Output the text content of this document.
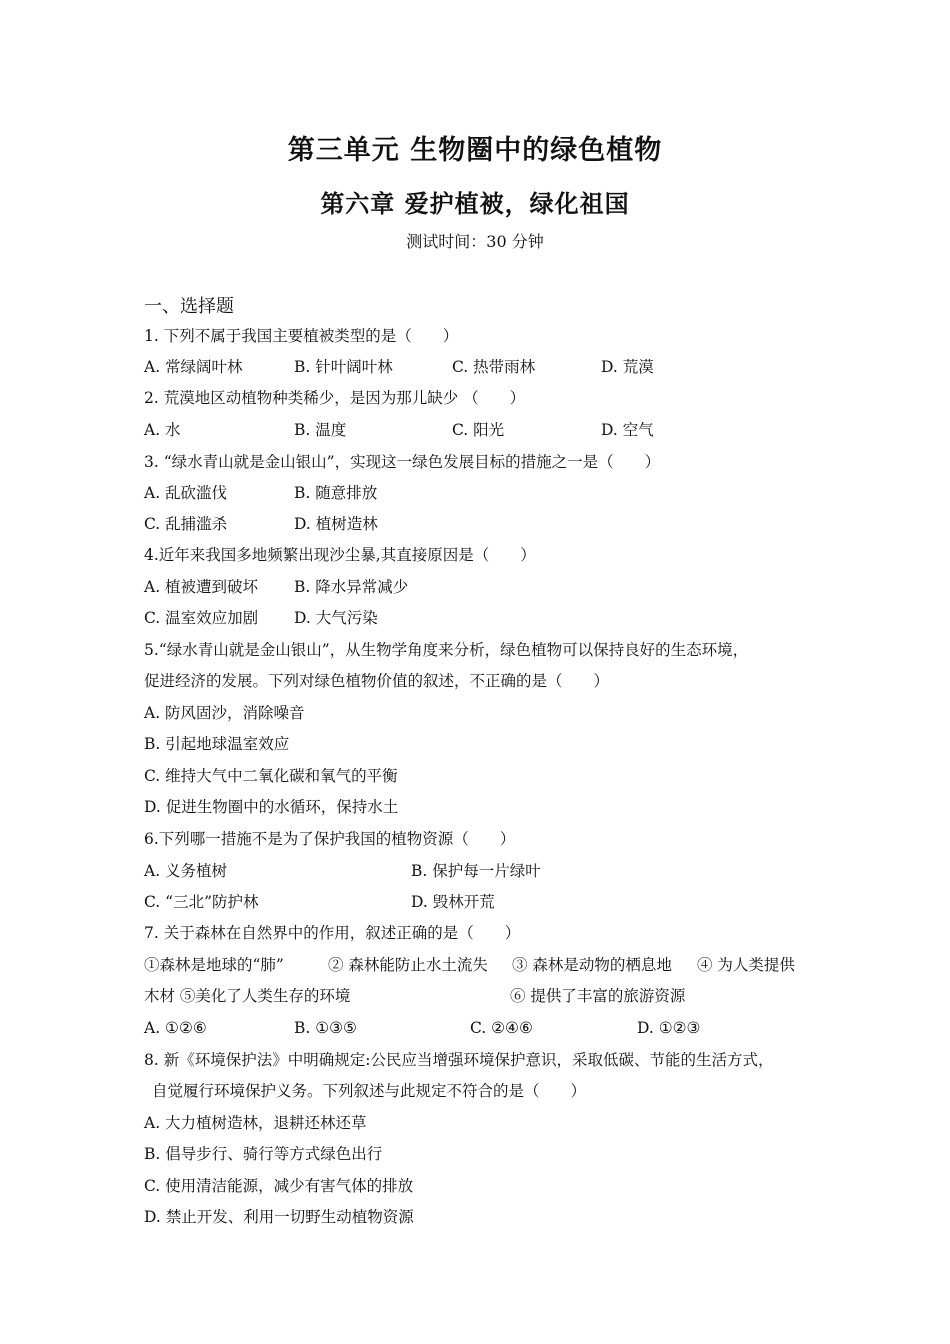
第三单元 生物圈中的绿色植物
第六章 爱护植被，绿化祖国
测试时间：30 分钟
一、选择题
1. 下列不属于我国主要植被类型的是（　　）
A. 常绿阔叶林	B. 针叶阔叶林	C. 热带雨林	D. 荒漠
2. 荒漠地区动植物种类稀少，是因为那儿缺少 （　　）
A. 水	B. 温度	C. 阳光	D. 空气
3. “绿水青山就是金山银山”，实现这一绿色发展目标的措施之一是（　　）
A. 乱砍滥伐	B. 随意排放
C. 乱捕滥杀	D. 植树造林
4.近年来我国多地频繁出现沙尘暴,其直接原因是（　　）
A. 植被遭到破坏 B. 降水异常减少
C. 温室效应加剧 D. 大气污染
5.“绿水青山就是金山银山”，从生物学角度来分析，绿色植物可以保持良好的生态环境，
促进经济的发展。下列对绿色植物价值的叙述，不正确的是（　　）
A. 防风固沙，消除噪音
B. 引起地球温室效应
C. 维持大气中二氧化碳和氧气的平衡
D. 促进生物圈中的水循环，保持水土
6.下列哪一措施不是为了保护我国的植物资源（　　）
A. 义务植树	B. 保护每一片绿叶
C. “三北”防护林	D. 毁林开荒
7. 关于森林在自然界中的作用，叙述正确的是（　　）
①森林是地球的“肺”	② 森林能防止水土流失 ③ 森林是动物的栖息地 ④ 为人类提供
木材 ⑤美化了人类生存的环境	⑥ 提供了丰富的旅游资源
A. ①②⑥	B. ①③⑤	C. ②④⑥	D. ①②③
8. 新《环境保护法》中明确规定:公民应当增强环境保护意识，采取低碳、节能的生活方式，
自觉履行环境保护义务。下列叙述与此规定不符合的是（　　）
A. 大力植树造林，退耕还林还草
B. 倡导步行、骑行等方式绿色出行
C. 使用清洁能源，减少有害气体的排放
D. 禁止开发、利用一切野生动植物资源
